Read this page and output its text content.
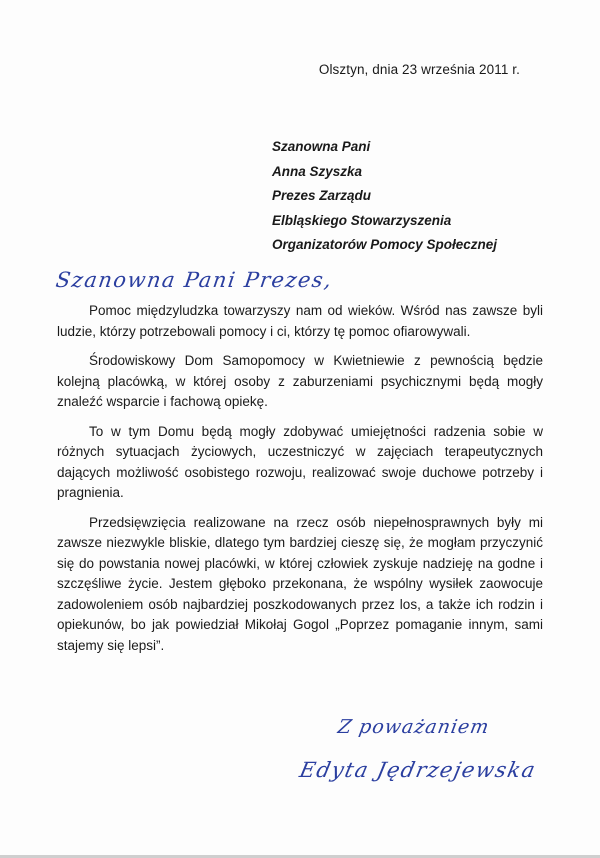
Olsztyn, dnia 23 września 2011 r.
Szanowna Pani
Anna Szyszka
Prezes Zarządu
Elbląskiego Stowarzyszenia
Organizatorów Pomocy Społecznej
Szanowna Pani Prezes,

Pomoc międzyludzka towarzyszy nam od wieków. Wśród nas zawsze byli ludzie, którzy potrzebowali pomocy i ci, którzy tę pomoc ofiarowywali.

Środowiskowy Dom Samopomocy w Kwietniewie z pewnością będzie kolejną placówką, w której osoby z zaburzeniami psychicznymi będą mogły znaleźć wsparcie i fachową opiekę.

To w tym Domu będą mogły zdobywać umiejętności radzenia sobie w różnych sytuacjach życiowych, uczestniczyć w zajęciach terapeutycznych dających możliwość osobistego rozwoju, realizować swoje duchowe potrzeby i pragnienia.

Przedsięwzięcia realizowane na rzecz osób niepełnosprawnych były mi zawsze niezwykle bliskie, dlatego tym bardziej cieszę się, że mogłam przyczynić się do powstania nowej placówki, w której człowiek zyskuje nadzieję na godne i szczęśliwe życie. Jestem głęboko przekonana, że wspólny wysiłek zaowocuje zadowoleniem osób najbardziej poszkodowanych przez los, a także ich rodzin i opiekunów, bo jak powiedział Mikołaj Gogol „Poprzez pomaganie innym, sami stajemy się lepsi”.

Z poważaniem
Edyta Jędrzejewska
